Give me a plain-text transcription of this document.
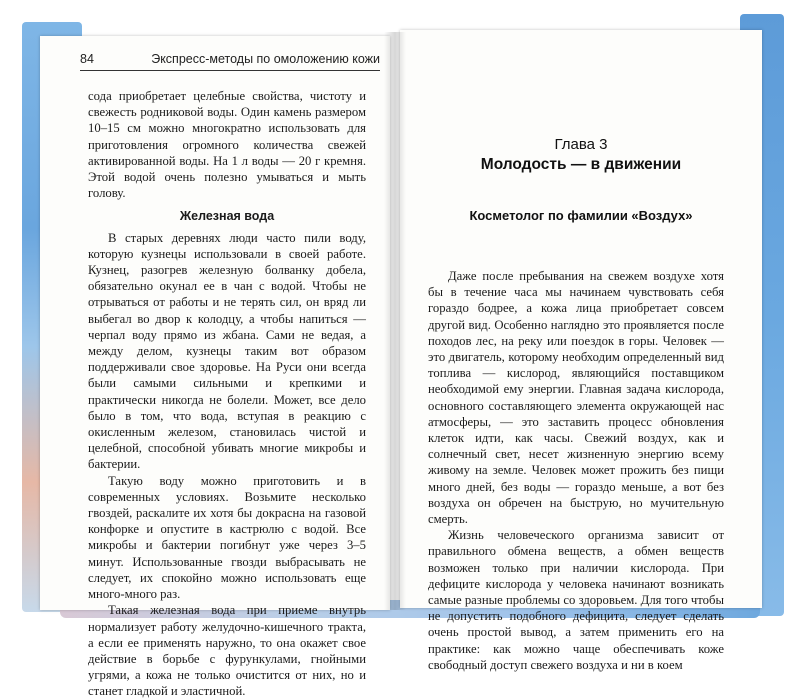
84	Экспресс-методы по омоложению кожи

сода приобретает целебные свойства, чистоту и свежесть родниковой воды. Один камень размером 10–15 см можно многократно использовать для приготовления огромного количества свежей активированной воды. На 1 л воды — 20 г кремня. Этой водой очень полезно умываться и мыть голову.

Железная вода

В старых деревнях люди часто пили воду, которую кузнецы использовали в своей работе. Кузнец, разогрев железную болванку добела, обязательно окунал ее в чан с водой. Чтобы не отрываться от работы и не терять сил, он вряд ли выбегал во двор к колодцу, а чтобы напиться — черпал воду прямо из жбана. Сами не ведая, а между делом, кузнецы таким вот образом поддерживали свое здоровье. На Руси они всегда были самыми сильными и крепкими и практически никогда не болели. Может, все дело было в том, что вода, вступая в реакцию с окисленным железом, становилась чистой и целебной, способной убивать многие микробы и бактерии.

Такую воду можно приготовить и в современных условиях. Возьмите несколько гвоздей, раскалите их хотя бы докрасна на газовой конфорке и опустите в кастрюлю с водой. Все микробы и бактерии погибнут уже через 3–5 минут. Использованные гвозди выбрасывать не следует, их спокойно можно использовать еще много-много раз.

Такая железная вода при приеме внутрь нормализует работу желудочно-кишечного тракта, а если ее применять наружно, то она окажет свое действие в борьбе с фурункулами, гнойными угрями, а кожа не только очистится от них, но и станет гладкой и эластичной.

Глава 3
Молодость — в движении
Косметолог по фамилии «Воздух»

Даже после пребывания на свежем воздухе хотя бы в течение часа мы начинаем чувствовать себя гораздо бодрее, а кожа лица приобретает совсем другой вид. Особенно наглядно это проявляется после походов лес, на реку или поездок в горы. Человек — это двигатель, которому необходим определенный вид топлива — кислород, являющийся поставщиком необходимой ему энергии. Главная задача кислорода, основного составляющего элемента окружающей нас атмосферы, — это заставить процесс обновления клеток идти, как часы. Свежий воздух, как и солнечный свет, несет жизненную энергию всему живому на земле. Человек может прожить без пищи много дней, без воды — гораздо меньше, а вот без воздуха он обречен на быструю, но мучительную смерть.

Жизнь человеческого организма зависит от правильного обмена веществ, а обмен веществ возможен только при наличии кислорода. При дефиците кислорода у человека начинают возникать самые разные проблемы со здоровьем. Для того чтобы не допустить подобного дефицита, следует сделать очень простой вывод, а затем применить его на практике: как можно чаще обеспечивать коже свободный доступ свежего воздуха и ни в коем
